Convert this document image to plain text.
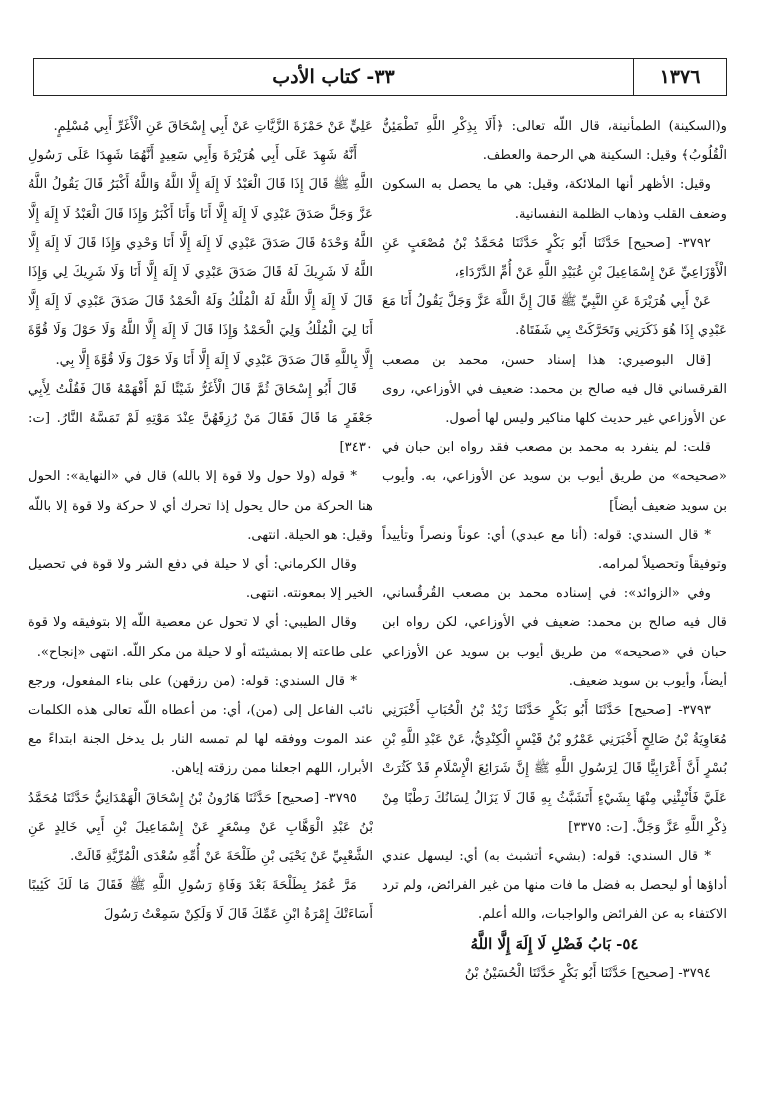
١٣٧٦
٣٣- كتاب الأدب

و(السكينة) الطمأنينة، قال اللّه تعالى: ﴿أَلَا بِذِكْرِ اللَّهِ تَطْمَئِنُّ الْقُلُوبُ﴾ وقيل: السكينة هي الرحمة والعطف.

وقيل: الأظهر أنها الملائكة، وقيل: هي ما يحصل به السكون وضعف القلب وذهاب الظلمة النفسانية.

٣٧٩٢- [صحيح] حَدَّثَنَا أَبُو بَكْرٍ حَدَّثَنَا مُحَمَّدُ بْنُ مُصْعَبٍ عَنِ الْأَوْزَاعِيِّ عَنْ إِسْمَاعِيلَ بْنِ عُبَيْدِ اللَّهِ عَنْ أُمِّ الدَّرْدَاءِ،

عَنْ أَبِي هُرَيْرَةَ عَنِ النَّبِيِّ ﷺ قَالَ إِنَّ اللَّهَ عَزَّ وَجَلَّ يَقُولُ أَنَا مَعَ عَبْدِي إِذَا هُوَ ذَكَرَنِي وَتَحَرَّكَتْ بِي شَفَتَاهُ.

[قال البوصيري: هذا إسناد حسن، محمد بن مصعب القرقساني قال فيه صالح بن محمد: ضعيف في الأوزاعي، روى عن الأوزاعي غير حديث كلها مناكير وليس لها أصول.

قلت: لم ينفرد به محمد بن مصعب فقد رواه ابن حبان في «صحيحه» من طريق أيوب بن سويد عن الأوزاعي، به. وأيوب بن سويد ضعيف أيضاً]

* قال السندي: قوله: (أنا مع عبدي) أي: عوناً ونصراً وتأييداً وتوفيقاً وتحصيلاً لمرامه.

وفي «الزوائد»: في إسناده محمد بن مصعب القُرقُساني، قال فيه صالح بن محمد: ضعيف في الأوزاعي، لكن رواه ابن حبان في «صحيحه» من طريق أيوب بن سويد عن الأوزاعي أيضاً، وأيوب بن سويد ضعيف.

٣٧٩٣- [صحيح] حَدَّثَنَا أَبُو بَكْرٍ حَدَّثَنَا زَيْدُ بْنُ الْحُبَابِ أَخْبَرَنِي مُعَاوِيَةُ بْنُ صَالِحٍ أَخْبَرَنِي عَمْرُو بْنُ قَيْسٍ الْكِنْدِيُّ، عَنْ عَبْدِ اللَّهِ بْنِ بُسْرٍ أَنَّ أَعْرَابِيًّا قَالَ لِرَسُولِ اللَّهِ ﷺ إِنَّ شَرَائِعَ الْإِسْلَامِ قَدْ كَثُرَتْ عَلَيَّ فَأَنْبِئْنِي مِنْهَا بِشَيْءٍ أَتَشَبَّثُ بِهِ قَالَ لَا يَزَالُ لِسَانُكَ رَطْبًا مِنْ ذِكْرِ اللَّهِ عَزَّ وَجَلَّ. [ت: ٣٣٧٥]

* قال السندي: قوله: (بشيء أتشبث به) أي: ليسهل عندي أداؤها أو ليحصل به فضل ما فات منها من غير الفرائض، ولم ترد الاكتفاء به عن الفرائض والواجبات، والله أعلم.

٥٤- بَابُ فَضْلِ لَا إِلَهَ إِلَّا اللَّهُ

٣٧٩٤- [صحيح] حَدَّثَنَا أَبُو بَكْرٍ حَدَّثَنَا الْحُسَيْنُ بْنُ

عَلِيٍّ عَنْ حَمْزَةَ الزَّيَّاتِ عَنْ أَبِي إِسْحَاقَ عَنِ الْأَغَرِّ أَبِي مُسْلِمٍ.

أَنَّهُ شَهِدَ عَلَى أَبِي هُرَيْرَةَ وَأَبِي سَعِيدٍ أَنَّهُمَا شَهِدَا عَلَى رَسُولِ اللَّهِ ﷺ قَالَ إِذَا قَالَ الْعَبْدُ لَا إِلَهَ إِلَّا اللَّهُ وَاللَّهُ أَكْبَرُ قَالَ يَقُولُ اللَّهُ عَزَّ وَجَلَّ صَدَقَ عَبْدِي لَا إِلَهَ إِلَّا أَنَا وَأَنَا أَكْبَرُ وَإِذَا قَالَ الْعَبْدُ لَا إِلَهَ إِلَّا اللَّهُ وَحْدَهُ قَالَ صَدَقَ عَبْدِي لَا إِلَهَ إِلَّا أَنَا وَحْدِي وَإِذَا قَالَ لَا إِلَهَ إِلَّا اللَّهُ لَا شَرِيكَ لَهُ قَالَ صَدَقَ عَبْدِي لَا إِلَهَ إِلَّا أَنَا وَلَا شَرِيكَ لِي وَإِذَا قَالَ لَا إِلَهَ إِلَّا اللَّهُ لَهُ الْمُلْكُ وَلَهُ الْحَمْدُ قَالَ صَدَقَ عَبْدِي لَا إِلَهَ إِلَّا أَنَا لِيَ الْمُلْكُ وَلِيَ الْحَمْدُ وَإِذَا قَالَ لَا إِلَهَ إِلَّا اللَّهُ وَلَا حَوْلَ وَلَا قُوَّةَ إِلَّا بِاللَّهِ قَالَ صَدَقَ عَبْدِي لَا إِلَهَ إِلَّا أَنَا وَلَا حَوْلَ وَلَا قُوَّةَ إِلَّا بِي.

قَالَ أَبُو إِسْحَاقَ ثُمَّ قَالَ الْأَغَرُّ شَيْئًا لَمْ أَفْهَمْهُ قَالَ فَقُلْتُ لِأَبِي جَعْفَرٍ مَا قَالَ فَقَالَ مَنْ رُزِقَهُنَّ عِنْدَ مَوْتِهِ لَمْ تَمَسَّهُ النَّارُ. [ت: ٣٤٣٠]

* قوله (ولا حول ولا قوة إلا بالله) قال في «النهاية»: الحول هنا الحركة من حال يحول إذا تحرك أي لا حركة ولا قوة إلا باللّه وقيل: هو الحيلة. انتهى.

وقال الكرماني: أي لا حيلة في دفع الشر ولا قوة في تحصيل الخير إلا بمعونته. انتهى.

وقال الطيبي: أي لا تحول عن معصية اللّه إلا بتوفيقه ولا قوة على طاعته إلا بمشيئته أو لا حيلة من مكر اللّه. انتهى «إنجاح».

* قال السندي: قوله: (من رزقهن) على بناء المفعول، ورجع نائب الفاعل إلى (من)، أي: من أعطاه اللّه تعالى هذه الكلمات عند الموت ووفقه لها لم تمسه النار بل يدخل الجنة ابتداءً مع الأبرار، اللهم اجعلنا ممن رزقته إياهن.

٣٧٩٥- [صحيح] حَدَّثَنَا هَارُونُ بْنُ إِسْحَاقَ الْهَمْدَانِيُّ حَدَّثَنَا مُحَمَّدُ بْنُ عَبْدِ الْوَهَّابِ عَنْ مِسْعَرٍ عَنْ إِسْمَاعِيلَ بْنِ أَبِي خَالِدٍ عَنِ الشَّعْبِيِّ عَنْ يَحْيَى بْنِ طَلْحَةَ عَنْ أُمِّهِ سُعْدَى الْمُرِّيَّةِ قَالَتْ.

مَرَّ عُمَرُ بِطَلْحَةَ بَعْدَ وَفَاةِ رَسُولِ اللَّهِ ﷺ فَقَالَ مَا لَكَ كَئِيبًا أَسَاءَتْكَ إِمْرَةُ ابْنِ عَمِّكَ قَالَ لَا وَلَكِنْ سَمِعْتُ رَسُولَ
